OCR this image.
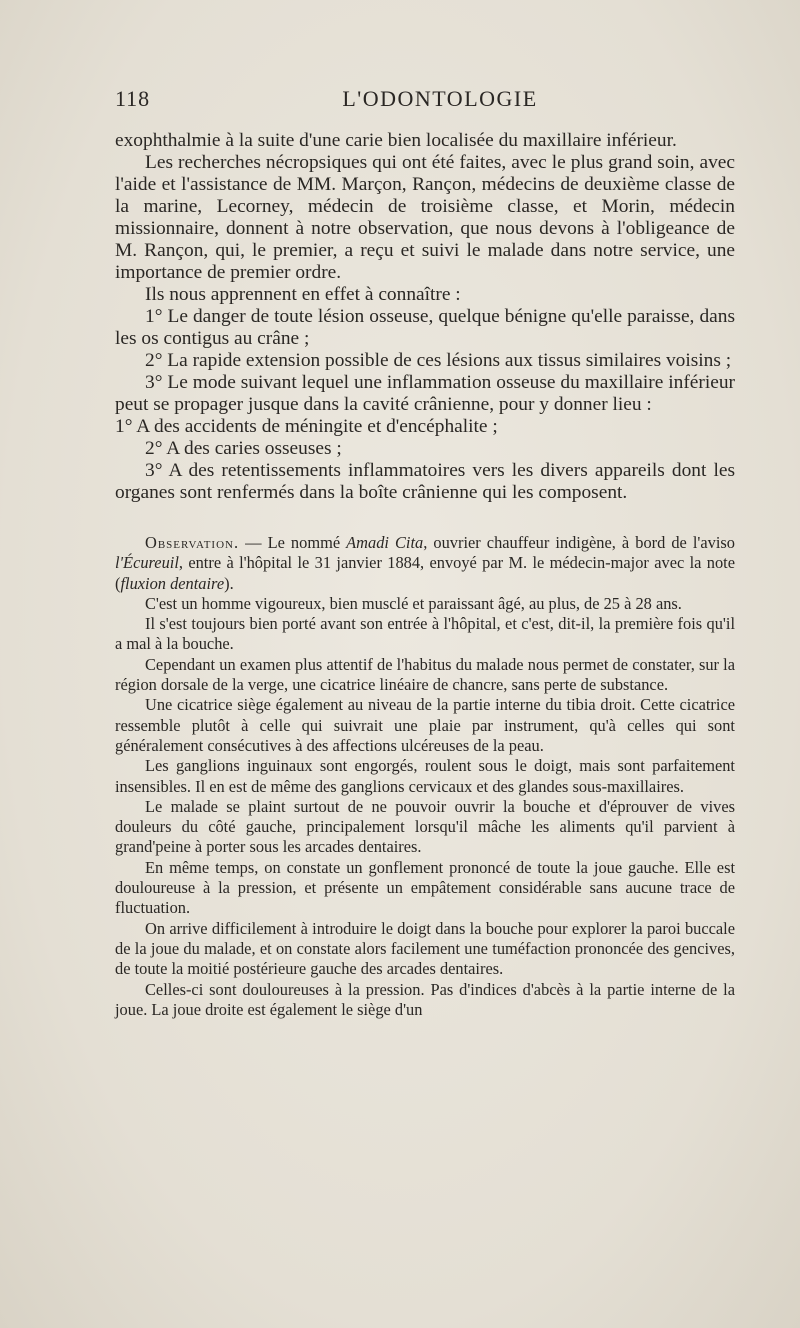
118	L'ODONTOLOGIE

exophthalmie à la suite d'une carie bien localisée du maxillaire inférieur.

Les recherches nécropsiques qui ont été faites, avec le plus grand soin, avec l'aide et l'assistance de MM. Marçon, Rançon, médecins de deuxième classe de la marine, Lecorney, médecin de troisième classe, et Morin, médecin missionnaire, donnent à notre observation, que nous devons à l'obligeance de M. Rançon, qui, le premier, a reçu et suivi le malade dans notre service, une importance de premier ordre.

Ils nous apprennent en effet à connaître :

1° Le danger de toute lésion osseuse, quelque bénigne qu'elle paraisse, dans les os contigus au crâne ;

2° La rapide extension possible de ces lésions aux tissus similaires voisins ;

3° Le mode suivant lequel une inflammation osseuse du maxillaire inférieur peut se propager jusque dans la cavité crânienne, pour y donner lieu :

1° A des accidents de méningite et d'encéphalite ;

2° A des caries osseuses ;

3° A des retentissements inflammatoires vers les divers appareils dont les organes sont renfermés dans la boîte crânienne qui les composent.

Observation. — Le nommé Amadi Cita, ouvrier chauffeur indigène, à bord de l'aviso l'Écureuil, entre à l'hôpital le 31 janvier 1884, envoyé par M. le médecin-major avec la note (fluxion dentaire).

C'est un homme vigoureux, bien musclé et paraissant âgé, au plus, de 25 à 28 ans.

Il s'est toujours bien porté avant son entrée à l'hôpital, et c'est, dit-il, la première fois qu'il a mal à la bouche.

Cependant un examen plus attentif de l'habitus du malade nous permet de constater, sur la région dorsale de la verge, une cicatrice linéaire de chancre, sans perte de substance.

Une cicatrice siège également au niveau de la partie interne du tibia droit. Cette cicatrice ressemble plutôt à celle qui suivrait une plaie par instrument, qu'à celles qui sont généralement consécutives à des affections ulcéreuses de la peau.

Les ganglions inguinaux sont engorgés, roulent sous le doigt, mais sont parfaitement insensibles. Il en est de même des ganglions cervicaux et des glandes sous-maxillaires.

Le malade se plaint surtout de ne pouvoir ouvrir la bouche et d'éprouver de vives douleurs du côté gauche, principalement lorsqu'il mâche les aliments qu'il parvient à grand'peine à porter sous les arcades dentaires.

En même temps, on constate un gonflement prononcé de toute la joue gauche. Elle est douloureuse à la pression, et présente un empâtement considérable sans aucune trace de fluctuation.

On arrive difficilement à introduire le doigt dans la bouche pour explorer la paroi buccale de la joue du malade, et on constate alors facilement une tuméfaction prononcée des gencives, de toute la moitié postérieure gauche des arcades dentaires.

Celles-ci sont douloureuses à la pression. Pas d'indices d'abcès à la partie interne de la joue. La joue droite est également le siège d'un
